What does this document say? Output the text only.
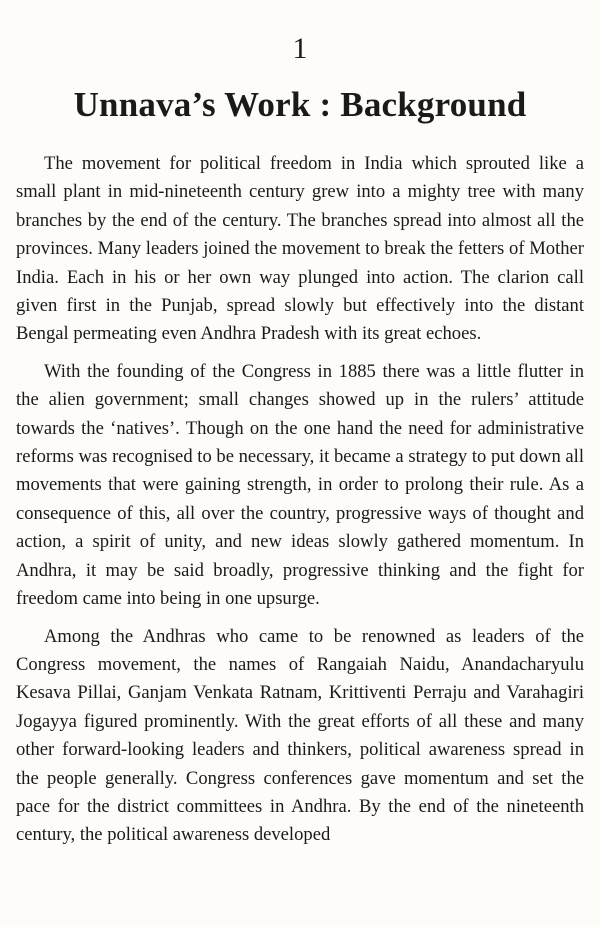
1
Unnava’s Work : Background

The movement for political freedom in India which sprouted like a small plant in mid-nineteenth century grew into a mighty tree with many branches by the end of the century. The branches spread into almost all the provinces. Many leaders joined the movement to break the fetters of Mother India. Each in his or her own way plunged into action. The clarion call given first in the Punjab, spread slowly but effectively into the distant Bengal permeating even Andhra Pradesh with its great echoes.

With the founding of the Congress in 1885 there was a little flutter in the alien government; small changes showed up in the rulers’ attitude towards the ‘natives’. Though on the one hand the need for administrative reforms was recognised to be necessary, it became a strategy to put down all movements that were gaining strength, in order to prolong their rule. As a consequence of this, all over the country, progressive ways of thought and action, a spirit of unity, and new ideas slowly gathered momentum. In Andhra, it may be said broadly, progressive thinking and the fight for freedom came into being in one upsurge.

Among the Andhras who came to be renowned as leaders of the Congress movement, the names of Rangaiah Naidu, Anandacharyulu Kesava Pillai, Ganjam Venkata Ratnam, Krittiventi Perraju and Varahagiri Jogayya figured prominently. With the great efforts of all these and many other forward-looking leaders and thinkers, political awareness spread in the people generally. Congress conferences gave momentum and set the pace for the district committees in Andhra. By the end of the nineteenth century, the political awareness developed
